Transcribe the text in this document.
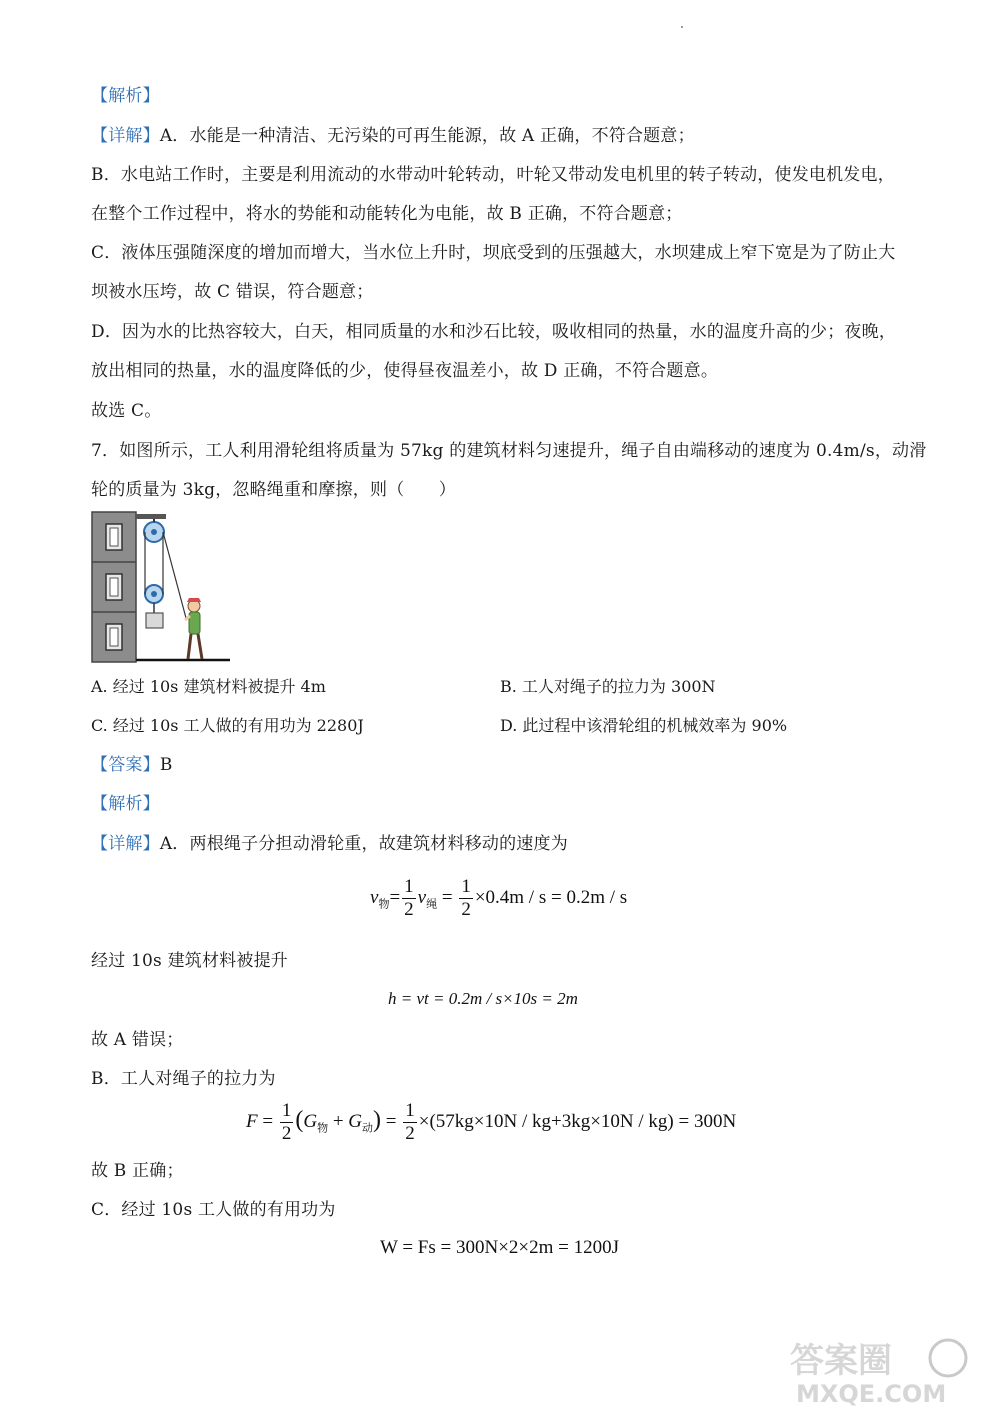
【解析】
【详解】A．水能是一种清洁、无污染的可再生能源，故 A 正确，不符合题意；
B．水电站工作时，主要是利用流动的水带动叶轮转动，叶轮又带动发电机里的转子转动，使发电机发电，
在整个工作过程中，将水的势能和动能转化为电能，故 B 正确，不符合题意；
C．液体压强随深度的增加而增大，当水位上升时，坝底受到的压强越大，水坝建成上窄下宽是为了防止大
坝被水压垮，故 C 错误，符合题意；
D．因为水的比热容较大，白天，相同质量的水和沙石比较，吸收相同的热量，水的温度升高的少；夜晚，
放出相同的热量，水的温度降低的少，使得昼夜温差小，故 D 正确，不符合题意。
故选 C。
7．如图所示，工人利用滑轮组将质量为 57kg 的建筑材料匀速提升，绳子自由端移动的速度为 0.4m/s，动滑
轮的质量为 3kg，忽略绳重和摩擦，则（　　）
A. 经过 10s 建筑材料被提升 4m	B. 工人对绳子的拉力为 300N
C. 经过 10s 工人做的有用功为 2280J	D. 此过程中该滑轮组的机械效率为 90%
【答案】B
【解析】
【详解】A．两根绳子分担动滑轮重，故建筑材料移动的速度为
$v_物= \frac{1}{2} v_绳 = \frac{1}{2} \times 0.4m / s = 0.2m / s$
经过 10s 建筑材料被提升
h = vt = 0.2m / s×10s = 2m
故 A 错误；
B．工人对绳子的拉力为
$F = \frac{1}{2} (G_物 + G_动) = \frac{1}{2} \times(57kg\times 10N / kg+3kg\times 10N / kg) = 300N$
故 B 正确；
C．经过 10s 工人做的有用功为
W = Fs = 300N×2×2m = 1200J
答案圈
MXQE.COM
